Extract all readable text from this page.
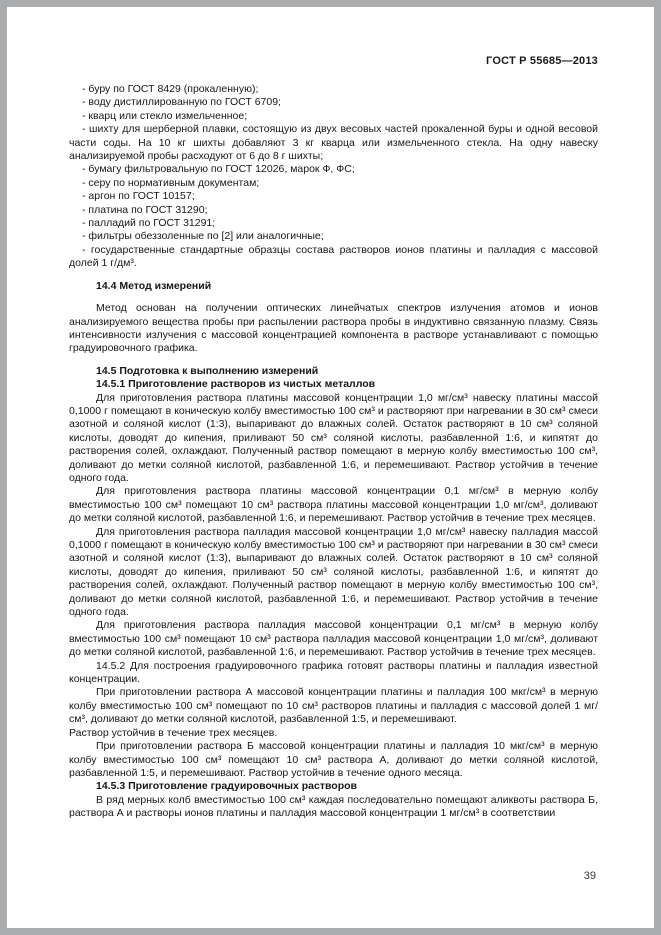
ГОСТ Р 55685—2013

- буру по ГОСТ 8429 (прокаленную);

- воду дистиллированную по ГОСТ 6709;

- кварц или стекло измельченное;

- шихту для шерберной плавки, состоящую из двух весовых частей прокаленной буры и одной весовой части соды. На 10 кг шихты добавляют 3 кг кварца или измельченного стекла. На одну навеску анализируемой пробы расходуют от 6 до 8 г шихты;

- бумагу фильтровальную по ГОСТ 12026, марок Ф, ФС;

- серу по нормативным документам;

- аргон по ГОСТ 10157;

- платина по ГОСТ 31290;

- палладий по ГОСТ 31291;

- фильтры обеззоленные по [2] или аналогичные;

- государственные стандартные образцы состава растворов ионов платины и палладия с массовой долей 1 г/дм³.

14.4 Метод измерений

Метод основан на получении оптических линейчатых спектров излучения атомов и ионов анализируемого вещества пробы при распылении раствора пробы в индуктивно связанную плазму. Связь интенсивности излучения с массовой концентрацией компонента в растворе устанавливают с помощью градуировочного графика.

14.5 Подготовка к выполнению измерений

14.5.1 Приготовление растворов из чистых металлов

Для приготовления раствора платины массовой концентрации 1,0 мг/см³ навеску платины массой 0,1000 г помещают в коническую колбу вместимостью 100 см³ и растворяют при нагревании в 30 см³ смеси азотной и соляной кислот (1:3), выпаривают до влажных солей. Остаток растворяют в 10 см³ соляной кислоты, доводят до кипения, приливают 50 см³ соляной кислоты, разбавленной 1:6, и кипятят до растворения солей, охлаждают. Полученный раствор помещают в мерную колбу вместимостью 100 см³, доливают до метки соляной кислотой, разбавленной 1:6, и перемешивают. Раствор устойчив в течение одного года.

Для приготовления раствора платины массовой концентрации 0,1 мг/см³ в мерную колбу вместимостью 100 см³ помещают 10 см³ раствора платины массовой концентрации 1,0 мг/см³, доливают до метки соляной кислотой, разбавленной 1:6, и перемешивают. Раствор устойчив в течение трех месяцев.

Для приготовления раствора палладия массовой концентрации 1,0 мг/см³ навеску палладия массой 0,1000 г помещают в коническую колбу вместимостью 100 см³ и растворяют при нагревании в 30 см³ смеси азотной и соляной кислот (1:3), выпаривают до влажных солей. Остаток растворяют в 10 см³ соляной кислоты, доводят до кипения, приливают 50 см³ соляной кислоты, разбавленной 1:6, и кипятят до растворения солей, охлаждают. Полученный раствор помещают в мерную колбу вместимостью 100 см³, доливают до метки соляной кислотой, разбавленной 1:6, и перемешивают. Раствор устойчив в течение одного года.

Для приготовления раствора палладия массовой концентрации 0,1 мг/см³ в мерную колбу вместимостью 100 см³ помещают 10 см³ раствора палладия массовой концентрации 1,0 мг/см³, доливают до метки соляной кислотой, разбавленной 1:6, и перемешивают. Раствор устойчив в течение трех месяцев.

14.5.2 Для построения градуировочного графика готовят растворы платины и палладия известной концентрации.

При приготовлении раствора А массовой концентрации платины и палладия 100 мкг/см³ в мерную колбу вместимостью 100 см³ помещают по 10 см³ растворов платины и палладия с массовой долей 1 мг/см³, доливают до метки соляной кислотой, разбавленной 1:5, и перемешивают.

Раствор устойчив в течение трех месяцев.

При приготовлении раствора Б массовой концентрации платины и палладия 10 мкг/см³ в мерную колбу вместимостью 100 см³ помещают 10 см³ раствора А, доливают до метки соляной кислотой, разбавленной 1:5, и перемешивают. Раствор устойчив в течение одного месяца.

14.5.3 Приготовление градуировочных растворов

В ряд мерных колб вместимостью 100 см³ каждая последовательно помещают аликвоты раствора Б, раствора А и растворы ионов платины и палладия массовой концентрации 1 мг/см³ в соответствии

39
